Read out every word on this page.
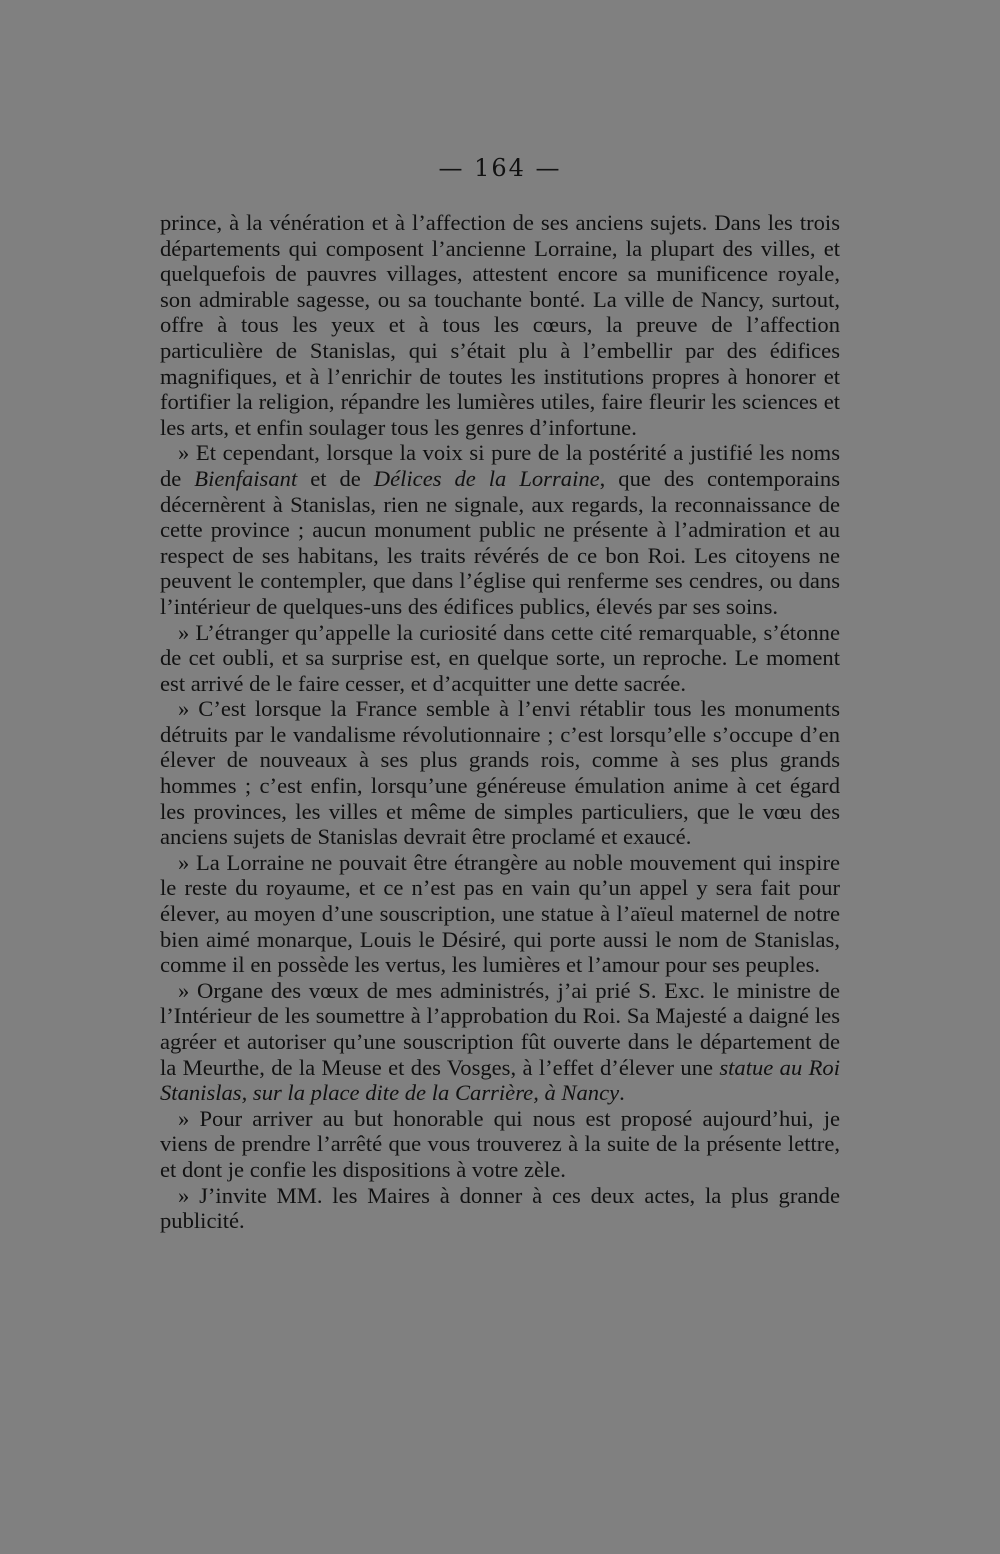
— 164 —

prince, à la vénération et à l’affection de ses anciens sujets. Dans les trois départements qui composent l’ancienne Lorraine, la plupart des villes, et quelquefois de pauvres villages, attestent encore sa munificence royale, son admirable sagesse, ou sa touchante bonté. La ville de Nancy, surtout, offre à tous les yeux et à tous les cœurs, la preuve de l’affection particulière de Stanislas, qui s’était plu à l’embellir par des édifices magnifiques, et à l’enrichir de toutes les institutions propres à honorer et fortifier la religion, répandre les lumières utiles, faire fleurir les sciences et les arts, et enfin soulager tous les genres d’infortune.

» Et cependant, lorsque la voix si pure de la postérité a justifié les noms de Bienfaisant et de Délices de la Lorraine, que des contemporains décernèrent à Stanislas, rien ne signale, aux regards, la reconnaissance de cette province ; aucun monument public ne présente à l’admiration et au respect de ses habitans, les traits révérés de ce bon Roi. Les citoyens ne peuvent le contempler, que dans l’église qui renferme ses cendres, ou dans l’intérieur de quelques-uns des édifices publics, élevés par ses soins.

» L’étranger qu’appelle la curiosité dans cette cité remarquable, s’étonne de cet oubli, et sa surprise est, en quelque sorte, un reproche. Le moment est arrivé de le faire cesser, et d’acquitter une dette sacrée.

» C’est lorsque la France semble à l’envi rétablir tous les monuments détruits par le vandalisme révolutionnaire ; c’est lorsqu’elle s’occupe d’en élever de nouveaux à ses plus grands rois, comme à ses plus grands hommes ; c’est enfin, lorsqu’une généreuse émulation anime à cet égard les provinces, les villes et même de simples particuliers, que le vœu des anciens sujets de Stanislas devrait être proclamé et exaucé.

» La Lorraine ne pouvait être étrangère au noble mouvement qui inspire le reste du royaume, et ce n’est pas en vain qu’un appel y sera fait pour élever, au moyen d’une souscription, une statue à l’aïeul maternel de notre bien aimé monarque, Louis le Désiré, qui porte aussi le nom de Stanislas, comme il en possède les vertus, les lumières et l’amour pour ses peuples.

» Organe des vœux de mes administrés, j’ai prié S. Exc. le ministre de l’Intérieur de les soumettre à l’approbation du Roi. Sa Majesté a daigné les agréer et autoriser qu’une souscription fût ouverte dans le département de la Meurthe, de la Meuse et des Vosges, à l’effet d’élever une statue au Roi Stanislas, sur la place dite de la Carrière, à Nancy.

» Pour arriver au but honorable qui nous est proposé aujourd’hui, je viens de prendre l’arrêté que vous trouverez à la suite de la présente lettre, et dont je confie les dispositions à votre zèle.

» J’invite MM. les Maires à donner à ces deux actes, la plus grande publicité.
